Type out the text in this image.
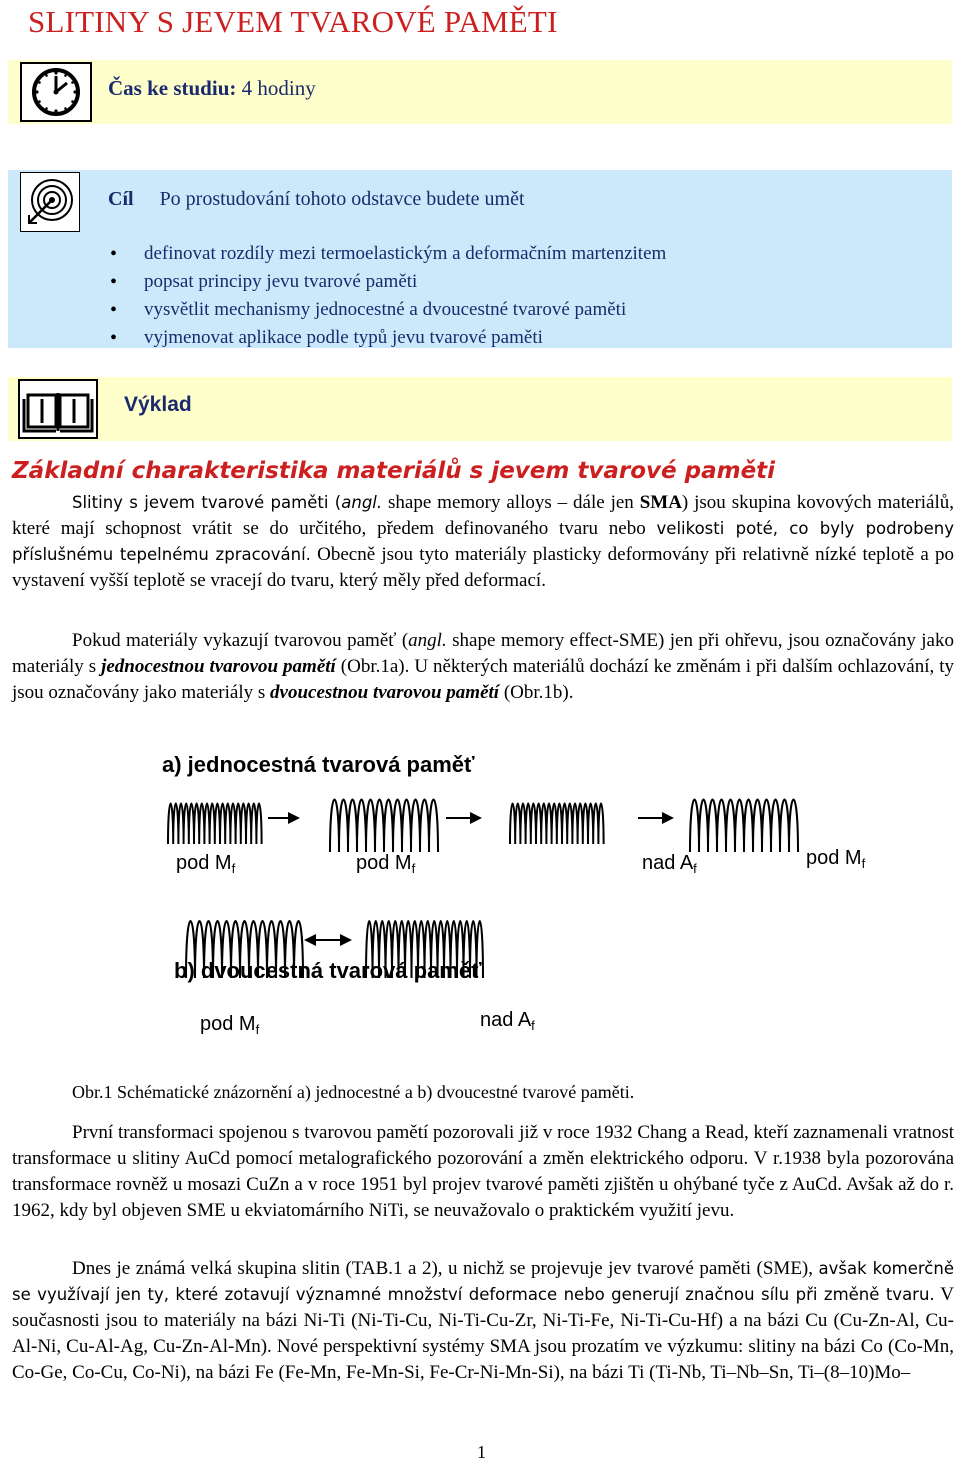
SLITINY S JEVEM TVAROVÉ PAMĚTI
Čas ke studiu: 4 hodiny
Cíl Po prostudování tohoto odstavce budete umět
• definovat rozdíly mezi termoelastickým a deformačním martenzitem
• popsat principy jevu tvarové paměti
• vysvětlit mechanismy jednocestné a dvoucestné tvarové paměti
• vyjmenovat aplikace podle typů jevu tvarové paměti
Výklad
Základní charakteristika materiálů s jevem tvarové paměti

Slitiny s jevem tvarové paměti (angl. shape memory alloys – dále jen SMA) jsou skupina kovových materiálů, které mají schopnost vrátit se do určitého, předem definovaného tvaru nebo velikosti poté, co byly podrobeny příslušnému tepelnému zpracování. Obecně jsou tyto materiály plasticky deformovány při relativně nízké teplotě a po vystavení vyšší teplotě se vracejí do tvaru, který měly před deformací.

Pokud materiály vykazují tvarovou paměť (angl. shape memory effect-SME) jen při ohřevu, jsou označovány jako materiály s jednocestnou tvarovou pamětí (Obr.1a). U některých materiálů dochází ke změnám i při dalším ochlazování, ty jsou označovány jako materiály s dvoucestnou tvarovou pamětí (Obr.1b).

a) jednocestná tvarová paměť
b) dvoucestná tvarová paměť
pod $M_f$	pod $M_f$	nad $A_f$	pod $M_f$
pod $M_f$	nad $A_f$
Obr.1 Schématické znázornění a) jednocestné a b) dvoucestné tvarové paměti.

První transformaci spojenou s tvarovou pamětí pozorovali již v roce 1932 Chang a Read, kteří zaznamenali vratnost transformace u slitiny AuCd pomocí metalografického pozorování a změn elektrického odporu. V r.1938 byla pozorována transformace rovněž u mosazi CuZn a v roce 1951 byl projev tvarové paměti zjištěn u ohýbané tyče z AuCd. Avšak až do r. 1962, kdy byl objeven SME u ekviatomárního NiTi, se neuvažovalo o praktickém využití jevu.

Dnes je známá velká skupina slitin (TAB.1 a 2), u nichž se projevuje jev tvarové paměti (SME), avšak komerčně se využívají jen ty, které zotavují významné množství deformace nebo generují značnou sílu při změně tvaru. V současnosti jsou to materiály na bázi Ni-Ti (Ni-Ti-Cu, Ni-Ti-Cu-Zr, Ni-Ti-Fe, Ni-Ti-Cu-Hf) a na bázi Cu (Cu-Zn-Al, Cu-Al-Ni, Cu-Al-Ag, Cu-Zn-Al-Mn). Nové perspektivní systémy SMA jsou prozatím ve výzkumu: slitiny na bázi Co (Co-Mn, Co-Ge, Co-Cu, Co-Ni), na bázi Fe (Fe-Mn, Fe-Mn-Si, Fe-Cr-Ni-Mn-Si), na bázi Ti (Ti-Nb, Ti–Nb–Sn, Ti–(8–10)Mo–

1
